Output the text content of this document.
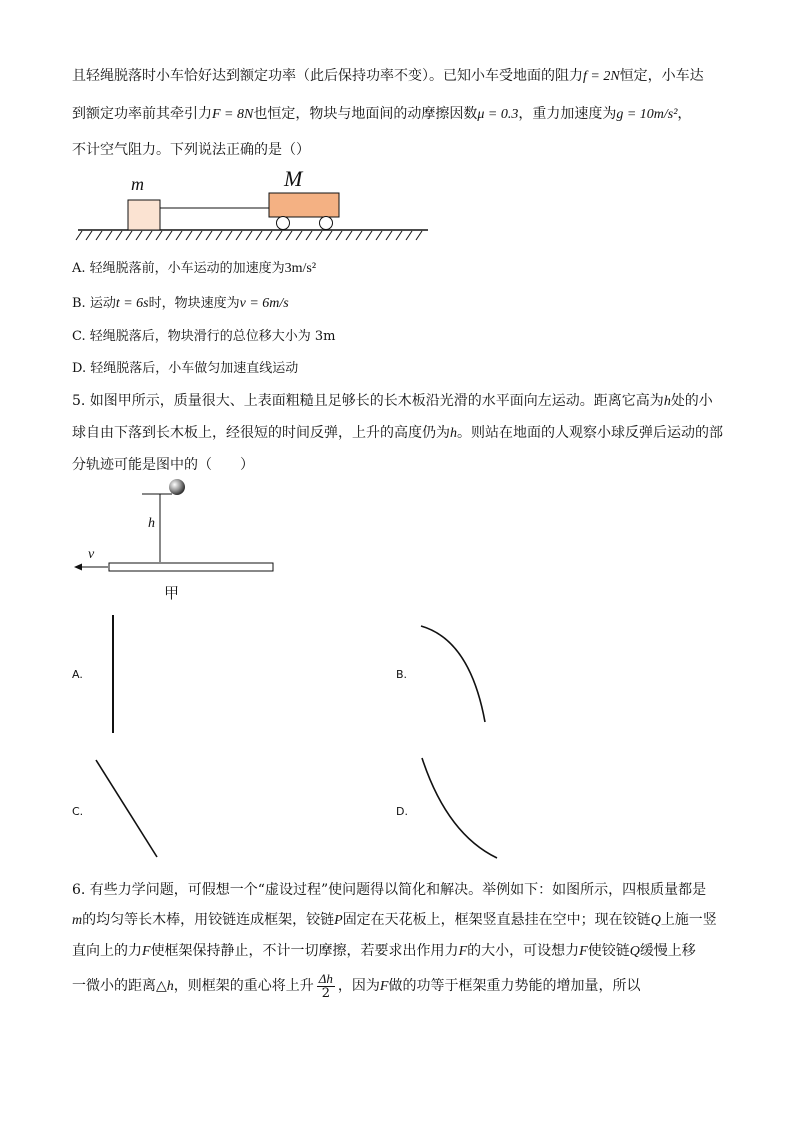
且轻绳脱落时小车恰好达到额定功率（此后保持功率不变）。已知小车受地面的阻力f = 2N恒定，小车达
到额定功率前其牵引力F = 8N也恒定，物块与地面间的动摩擦因数μ = 0.3，重力加速度为g = 10m/s²，
不计空气阻力。下列说法正确的是（）
m	M
A. 轻绳脱落前，小车运动的加速度为3m/s²
B. 运动t = 6s时，物块速度为v = 6m/s
C. 轻绳脱落后，物块滑行的总位移大小为 3m
D. 轻绳脱落后，小车做匀加速直线运动
5. 如图甲所示，质量很大、上表面粗糙且足够长的长木板沿光滑的水平面向左运动。距离它高为h处的小
球自由下落到长木板上，经很短的时间反弹，上升的高度仍为h。则站在地面的人观察小球反弹后运动的部
分轨迹可能是图中的（　　）
h
v
甲
A.	B.
C.	D.
6. 有些力学问题，可假想一个“虚设过程”使问题得以简化和解决。举例如下：如图所示，四根质量都是
m的均匀等长木棒，用铰链连成框架，铰链P固定在天花板上，框架竖直悬挂在空中；现在铰链Q上施一竖
直向上的力F使框架保持静止，不计一切摩擦，若要求出作用力F的大小，可设想力F使铰链Q缓慢上移
一微小的距离△h，则框架的重心将上升 $\frac{\Delta h}{2}$ ，因为F做的功等于框架重力势能的增加量，所以
